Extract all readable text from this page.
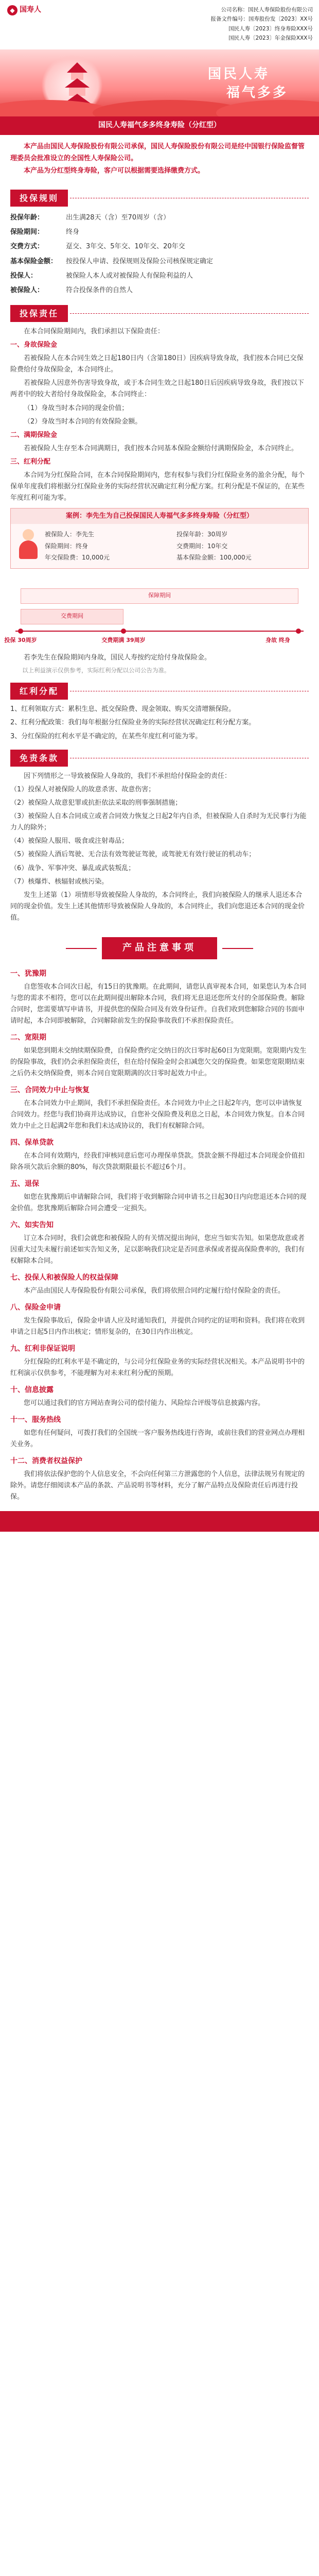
◆ 国寿人	公司名称：国民人寿保险股份有限公司
报备文件编号：国寿股份发〔2023〕XX号
国民人寿〔2023〕终身寿险XXX号
国民人寿〔2023〕年金保险XXX号
国民人寿
福气多多
国民人寿福气多多终身寿险（分红型）

本产品由国民人寿保险股份有限公司承保，国民人寿保险股份有限公司是经中国银行保险监督管理委员会批准设立的全国性人寿保险公司。

本产品为分红型终身寿险，客户可以根据需要选择缴费方式。

投保规则
投保年龄：	出生满28天（含）至70周岁（含）
保险期间：	终身
交费方式：	趸交、3年交、5年交、10年交、20年交
基本保险金额：	按投保人申请、投保规则及保险公司核保规定确定
投保人：	被保险人本人或对被保险人有保险利益的人
被保险人：	符合投保条件的自然人
投保责任

在本合同保险期间内，我们承担以下保险责任：

一、身故保险金

若被保险人在本合同生效之日起180日内（含第180日）因疾病导致身故，我们按本合同已交保险费给付身故保险金，本合同终止。

若被保险人因意外伤害导致身故，或于本合同生效之日起180日后因疾病导致身故，我们按以下两者中的较大者给付身故保险金，本合同终止：

（1）身故当时本合同的现金价值；

（2）身故当时本合同的有效保险金额。

二、满期保险金

若被保险人生存至本合同满期日，我们按本合同基本保险金额给付满期保险金，本合同终止。

三、红利分配

本合同为分红保险合同，在本合同保险期间内，您有权参与我们分红保险业务的盈余分配，每个保单年度我们将根据分红保险业务的实际经营状况确定红利分配方案。红利分配是不保证的，在某些年度红利可能为零。

案例：李先生为自己投保国民人寿福气多多终身寿险（分红型）
被保险人：李先生	投保年龄：30周岁
保险期间：终身	交费期间：10年交
年交保险费：10,000元	基本保险金额：100,000元
交费期间
保障期间
投保 30周岁	交费期满 39周岁	身故 终身

若李先生在保险期间内身故，国民人寿按约定给付身故保险金。

以上利益演示仅供参考，实际红利分配以公司公告为准。

红利分配

1、红利领取方式：累积生息、抵交保险费、现金领取、购买交清增额保险。

2、红利分配政策：我们每年根据分红保险业务的实际经营状况确定红利分配方案。

3、分红保险的红利水平是不确定的，在某些年度红利可能为零。

免责条款

因下列情形之一导致被保险人身故的，我们不承担给付保险金的责任：

（1）投保人对被保险人的故意杀害、故意伤害；

（2）被保险人故意犯罪或抗拒依法采取的刑事强制措施；

（3）被保险人自本合同成立或者合同效力恢复之日起2年内自杀，但被保险人自杀时为无民事行为能力人的除外；

（4）被保险人服用、吸食或注射毒品；

（5）被保险人酒后驾驶、无合法有效驾驶证驾驶，或驾驶无有效行驶证的机动车；

（6）战争、军事冲突、暴乱或武装叛乱；

（7）核爆炸、核辐射或核污染。

发生上述第（1）项情形导致被保险人身故的，本合同终止，我们向被保险人的继承人退还本合同的现金价值。发生上述其他情形导致被保险人身故的，本合同终止，我们向您退还本合同的现金价值。

产品注意事项
一、犹豫期

自您签收本合同次日起，有15日的犹豫期。在此期间，请您认真审视本合同，如果您认为本合同与您的需求不相符，您可以在此期间提出解除本合同，我们将无息退还您所支付的全部保险费。解除合同时，您需要填写申请书，并提供您的保险合同及有效身份证件。自我们收到您解除合同的书面申请时起，本合同即被解除，合同解除前发生的保险事故我们不承担保险责任。

二、宽限期

如果您到期未交纳续期保险费，自保险费约定交纳日的次日零时起60日为宽限期。宽限期内发生的保险事故，我们仍会承担保险责任，但在给付保险金时会扣减您欠交的保险费。如果您宽限期结束之后仍未交纳保险费，则本合同自宽限期满的次日零时起效力中止。

三、合同效力中止与恢复

在本合同效力中止期间，我们不承担保险责任。本合同效力中止之日起2年内，您可以申请恢复合同效力。经您与我们协商并达成协议，自您补交保险费及利息之日起，本合同效力恢复。自本合同效力中止之日起满2年您和我们未达成协议的，我们有权解除合同。

四、保单贷款

在本合同有效期内，经我们审核同意后您可办理保单贷款。贷款金额不得超过本合同现金价值扣除各项欠款后余额的80%，每次贷款期限最长不超过6个月。

五、退保

如您在犹豫期后申请解除合同，我们将于收到解除合同申请书之日起30日内向您退还本合同的现金价值。您犹豫期后解除合同会遭受一定损失。

六、如实告知

订立本合同时，我们会就您和被保险人的有关情况提出询问，您应当如实告知。如果您故意或者因重大过失未履行前述如实告知义务，足以影响我们决定是否同意承保或者提高保险费率的，我们有权解除本合同。

七、投保人和被保险人的权益保障

本产品由国民人寿保险股份有限公司承保，我们将依照合同约定履行给付保险金的责任。

八、保险金申请

发生保险事故后，保险金申请人应及时通知我们，并提供合同约定的证明和资料。我们将在收到申请之日起5日内作出核定；情形复杂的，在30日内作出核定。

九、红利非保证说明

分红保险的红利水平是不确定的，与公司分红保险业务的实际经营状况相关。本产品说明书中的红利演示仅供参考，不能理解为对未来红利分配的预期。

十、信息披露

您可以通过我们的官方网站查询公司的偿付能力、风险综合评级等信息披露内容。

十一、服务热线

如您有任何疑问，可拨打我们的全国统一客户服务热线进行咨询，或前往我们的营业网点办理相关业务。

十二、消费者权益保护

我们将依法保护您的个人信息安全，不会向任何第三方泄露您的个人信息，法律法规另有规定的除外。请您仔细阅读本产品的条款、产品说明书等材料，充分了解产品特点及保险责任后再进行投保。
